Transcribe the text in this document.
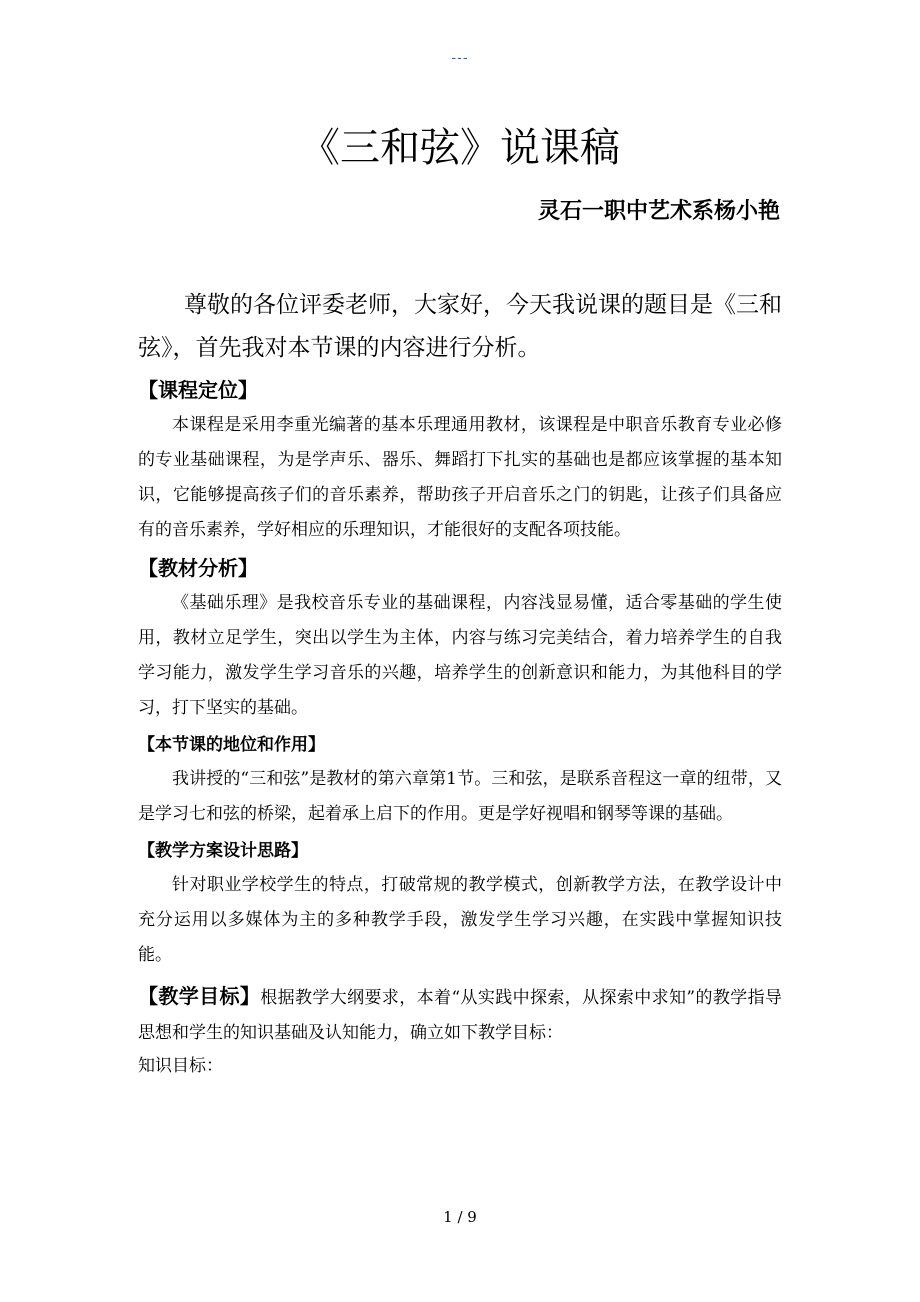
---
《三和弦》说课稿
灵石一职中艺术系杨小艳

尊敬的各位评委老师，大家好，今天我说课的题目是《三和弦》，首先我对本节课的内容进行分析。

【课程定位】

本课程是采用李重光编著的基本乐理通用教材，该课程是中职音乐教育专业必修的专业基础课程，为是学声乐、器乐、舞蹈打下扎实的基础也是都应该掌握的基本知识，它能够提高孩子们的音乐素养，帮助孩子开启音乐之门的钥匙，让孩子们具备应有的音乐素养，学好相应的乐理知识，才能很好的支配各项技能。

【教材分析】

《基础乐理》是我校音乐专业的基础课程，内容浅显易懂，适合零基础的学生使用，教材立足学生，突出以学生为主体，内容与练习完美结合，着力培养学生的自我学习能力，激发学生学习音乐的兴趣，培养学生的创新意识和能力，为其他科目的学习，打下坚实的基础。

【本节课的地位和作用】

我讲授的“三和弦”是教材的第六章第1节。三和弦，是联系音程这一章的纽带，又是学习七和弦的桥梁，起着承上启下的作用。更是学好视唱和钢琴等课的基础。

【教学方案设计思路】

针对职业学校学生的特点，打破常规的教学模式，创新教学方法，在教学设计中充分运用以多媒体为主的多种教学手段，激发学生学习兴趣，在实践中掌握知识技能。

【教学目标】根据教学大纲要求，本着“从实践中探索，从探索中求知”的教学指导思想和学生的知识基础及认知能力，确立如下教学目标：

知识目标：

1 / 9
